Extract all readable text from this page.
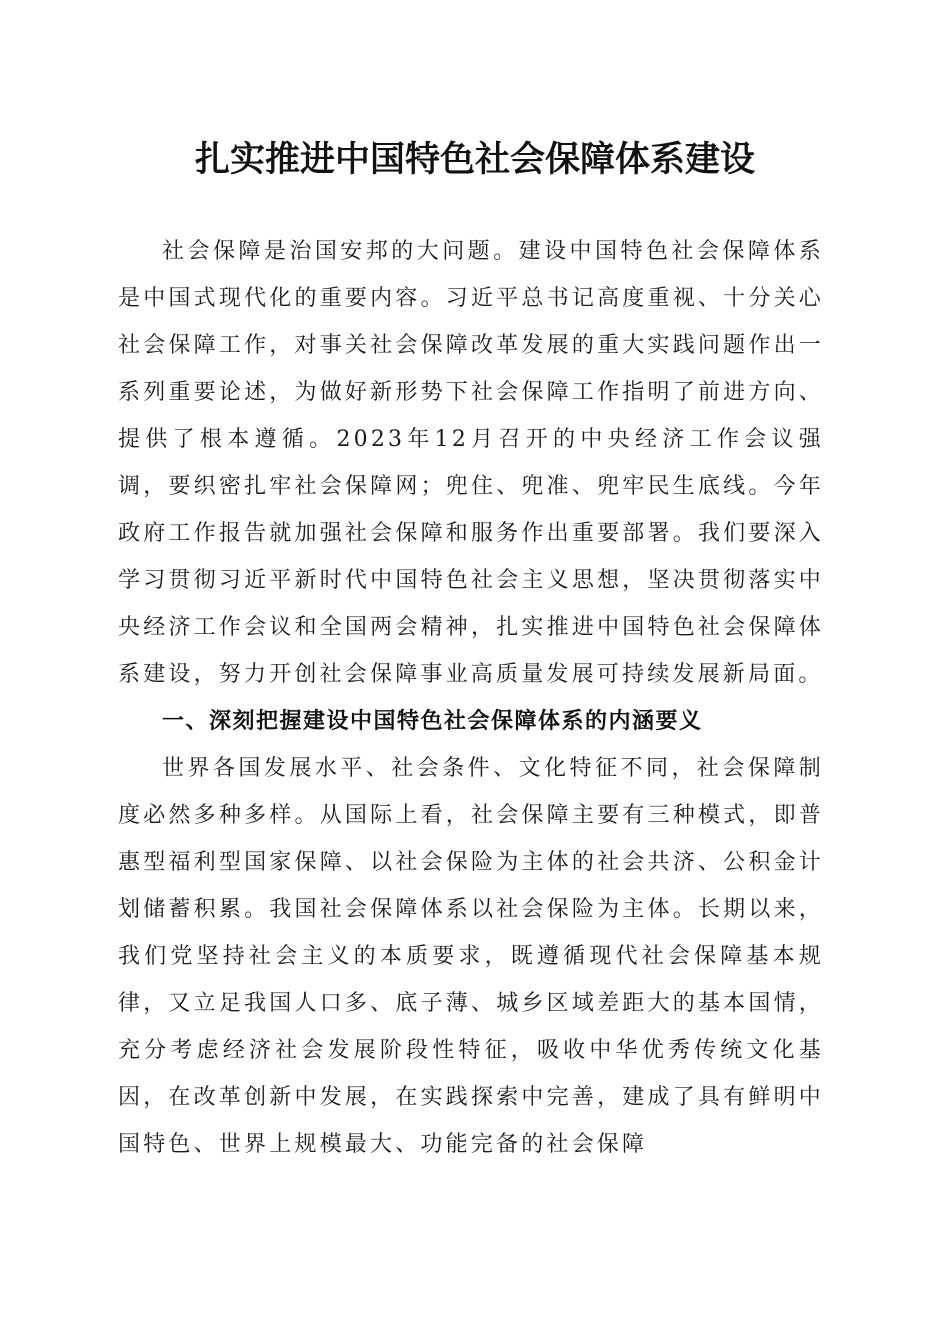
扎实推进中国特色社会保障体系建设

社会保障是治国安邦的大问题。建设中国特色社会保障体系是中国式现代化的重要内容。习近平总书记高度重视、十分关心社会保障工作，对事关社会保障改革发展的重大实践问题作出一系列重要论述，为做好新形势下社会保障工作指明了前进方向、提供了根本遵循。2023年12月召开的中央经济工作会议强调，要织密扎牢社会保障网；兜住、兜准、兜牢民生底线。今年政府工作报告就加强社会保障和服务作出重要部署。我们要深入学习贯彻习近平新时代中国特色社会主义思想，坚决贯彻落实中央经济工作会议和全国两会精神，扎实推进中国特色社会保障体系建设，努力开创社会保障事业高质量发展可持续发展新局面。

一、深刻把握建设中国特色社会保障体系的内涵要义

世界各国发展水平、社会条件、文化特征不同，社会保障制度必然多种多样。从国际上看，社会保障主要有三种模式，即普惠型福利型国家保障、以社会保险为主体的社会共济、公积金计划储蓄积累。我国社会保障体系以社会保险为主体。长期以来，我们党坚持社会主义的本质要求，既遵循现代社会保障基本规律，又立足我国人口多、底子薄、城乡区域差距大的基本国情，充分考虑经济社会发展阶段性特征，吸收中华优秀传统文化基因，在改革创新中发展，在实践探索中完善，建成了具有鲜明中国特色、世界上规模最大、功能完备的社会保障
